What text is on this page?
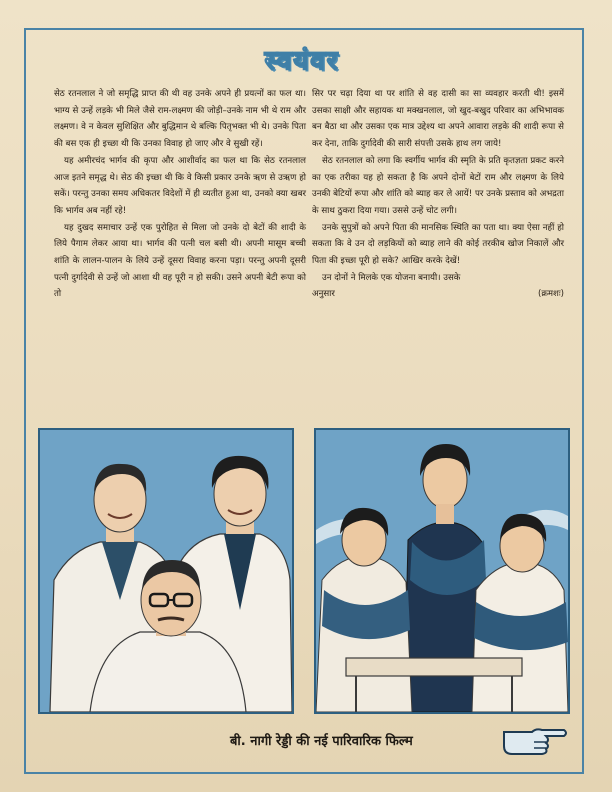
स्वयंवर

सेठ रतनलाल ने जो समृद्धि प्राप्त की थी वह उनके अपने ही प्रयत्नों का फल था। भाग्य से उन्हें लड़के भी मिले जैसे राम-लक्ष्मण की जोड़ी–उनके नाम भी थे राम और लक्ष्मण। वे न केवल सुशिक्षित और बुद्धिमान थे बल्कि पितृभक्त भी थे। उनके पिता की बस एक ही इच्छा थी कि उनका विवाह हो जाए और वे सुखी रहें।

यह अमीरचंद भार्गव की कृपा और आशीर्वाद का फल था कि सेठ रतनलाल आज इतने समृद्ध थे। सेठ की इच्छा थी कि वे किसी प्रकार उनके ऋण से उऋण हो सकें। परन्तु उनका समय अधिकतर विदेशों में ही व्यतीत हुआ था, उनको क्या खबर कि भार्गव अब नहीं रहे!

यह दुखद समाचार उन्हें एक पुरोहित से मिला जो उनके दो बेटों की शादी के लिये पैगाम लेकर आया था। भार्गव की पत्नी चल बसी थी। अपनी मासूम बच्ची शांति के लालन-पालन के लिये उन्हें दूसरा विवाह करना पड़ा। परन्तु अपनी दूसरी पत्नी दुर्गादेवी से उन्हें जो आशा थी वह पूरी न हो सकी। उसने अपनी बेटी रूपा को तो

सिर पर चढ़ा दिया था पर शांति से वह दासी का सा व्यवहार करती थी! इसमें उसका साक्षी और सहायक था मक्खनलाल, जो खुद-बखुद परिवार का अभिभावक बन बैठा था और उसका एक मात्र उद्देश्य था अपने आवारा लड़के की शादी रूपा से कर देना, ताकि दुर्गादेवी की सारी संपत्ती उसके हाथ लग जाये!

सेठ रतनलाल को लगा कि स्वर्गीय भार्गव की स्मृति के प्रति कृतज्ञता प्रकट करने का एक तरीका यह हो सकता है कि अपने दोनों बेटों राम और लक्ष्मण के लिये उनकी बेटियों रूपा और शांति को ब्याह कर ले आयें! पर उनके प्रस्ताव को अभद्रता के साथ ठुकरा दिया गया। उससे उन्हें चोट लगी।

उनके सुपुत्रों को अपने पिता की मानसिक स्थिति का पता था। क्या ऐसा नहीं हो सकता कि वे उन दो लड़कियों को ब्याह लाने की कोई तरकीब खोज निकालें और पिता की इच्छा पूरी हो सके? आखिर करके देखें!

उन दोनों ने मिलके एक योजना बनायी। उसके

अनुसार	(क्रमशः)
बी. नागी रेड्डी की नई पारिवारिक फिल्म
